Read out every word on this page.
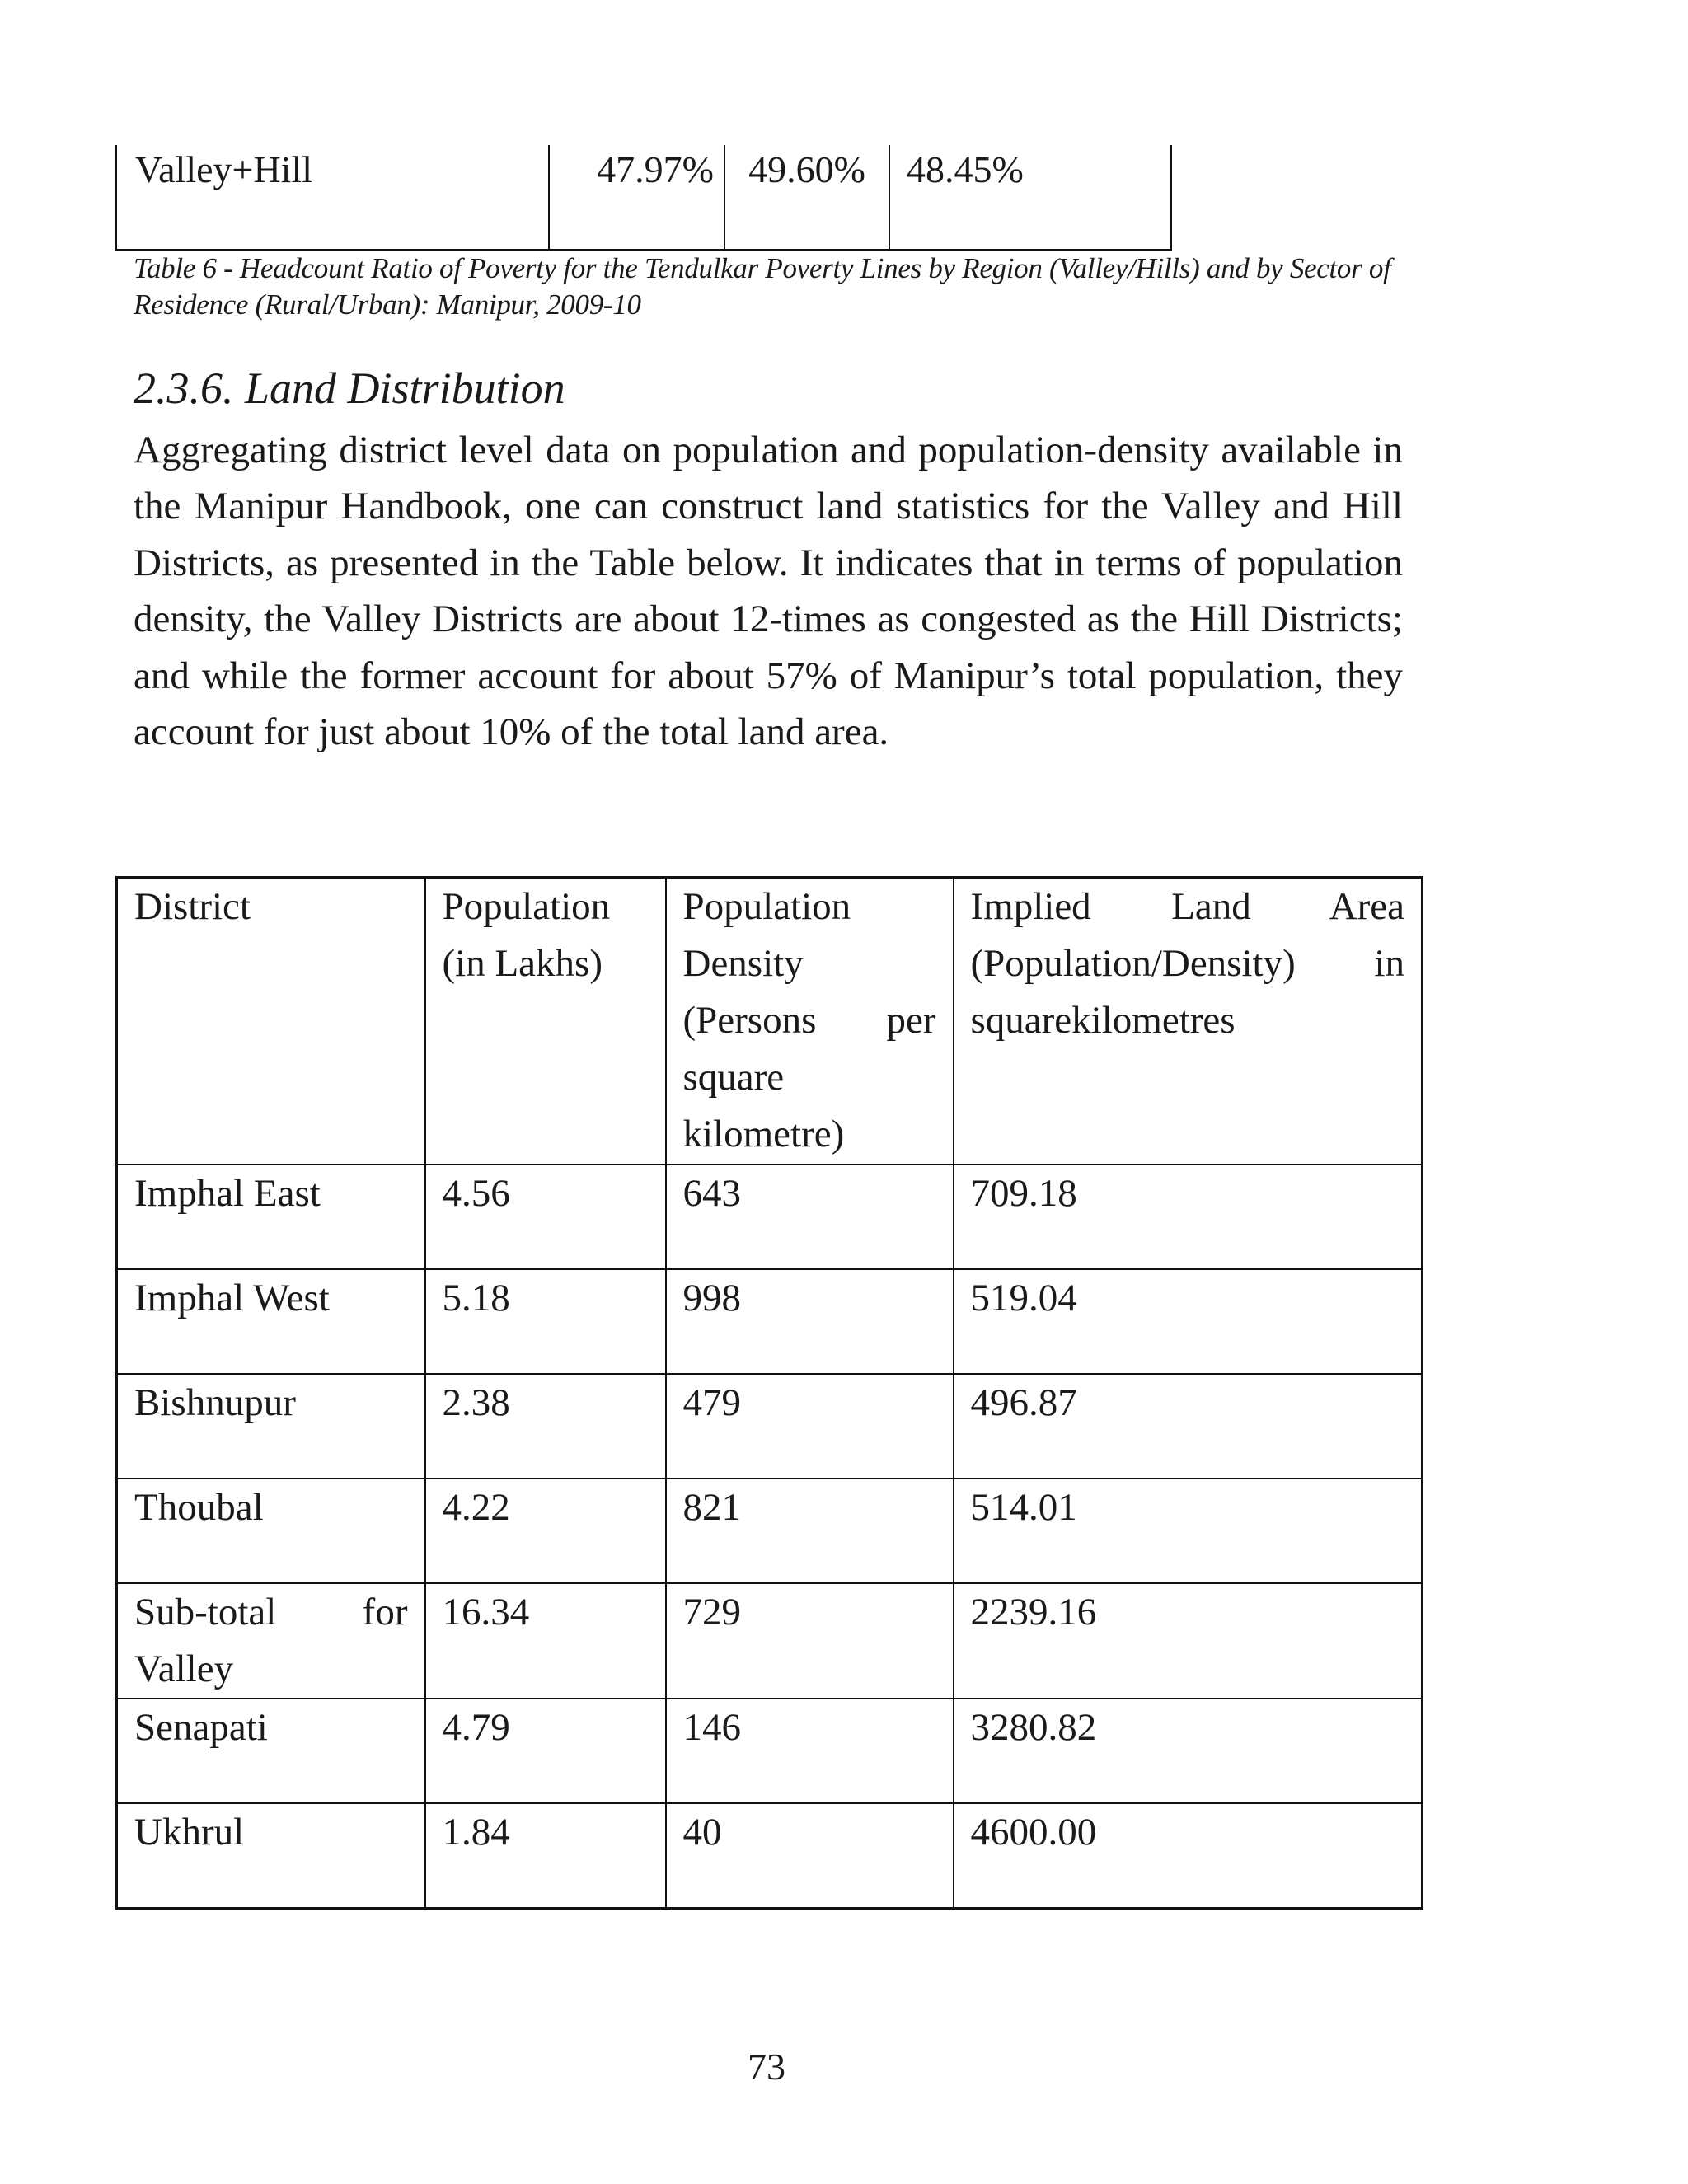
Valley+Hill	47.97%	49.60%	48.45%
Table 6 - Headcount Ratio of Poverty for the Tendulkar Poverty Lines by Region (Valley/Hills) and by Sector of Residence (Rural/Urban): Manipur, 2009-10
2.3.6. Land Distribution

Aggregating district level data on population and population-density available in the Manipur Handbook, one can construct land statistics for the Valley and Hill Districts, as presented in the Table below. It indicates that in terms of population density, the Valley Districts are about 12-times as congested as the Hill Districts; and while the former account for about 57% of Manipur’s total population, they account for just about 10% of the total land area.

District	Population (in Lakhs)	Population Density (Persons per square kilometre)	Implied Land Area (Population/Density) in squarekilometres
Imphal East	4.56	643	709.18
Imphal West	5.18	998	519.04
Bishnupur	2.38	479	496.87
Thoubal	4.22	821	514.01
Sub-total for Valley	16.34	729	2239.16
Senapati	4.79	146	3280.82
Ukhrul	1.84	40	4600.00
73
